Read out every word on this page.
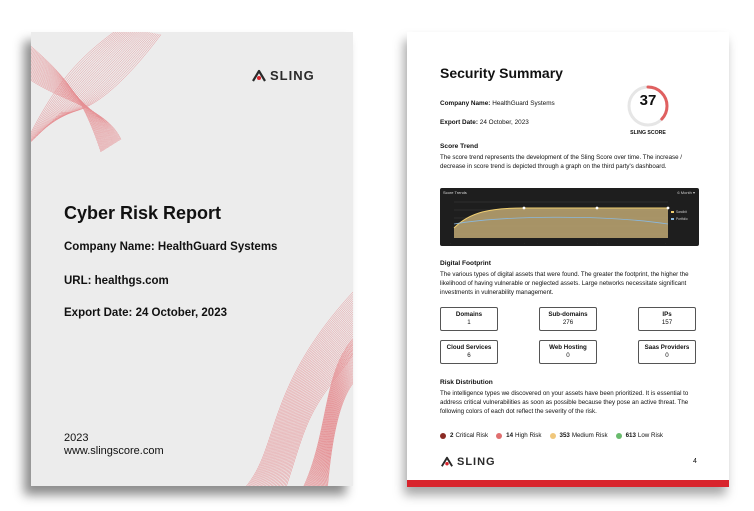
SLING
Cyber Risk Report
Company Name: HealthGuard Systems
URL: healthgs.com
Export Date: 24 October, 2023
2023
www.slingscore.com
Security Summary
Company Name: HealthGuard Systems
Export Date: 24 October, 2023
37
SLING SCORE
Score Trend
The score trend represents the development of the Sling Score over time. The increase / decrease in score trend is depicted through a graph on the third party's dashboard.
Score Trends	6 Month ▾
Sandbit
Portfolio
·	·	·	·
Digital Footprint
The various types of digital assets that were found. The greater the footprint, the higher the likelihood of having vulnerable or neglected assets. Large networks necessitate significant investments in vulnerability management.
Domains
1
Sub-domains
276
IPs
157
Cloud Services
6
Web Hosting
0
Saas Providers
0
Risk Distribution
The intelligence types we discovered on your assets have been prioritized. It is essential to address critical vulnerabilities as soon as possible because they pose an active threat. The following colors of each dot reflect the severity of the risk.
2 Critical Risk	14 High Risk	353 Medium Risk	613 Low Risk
SLING	4
